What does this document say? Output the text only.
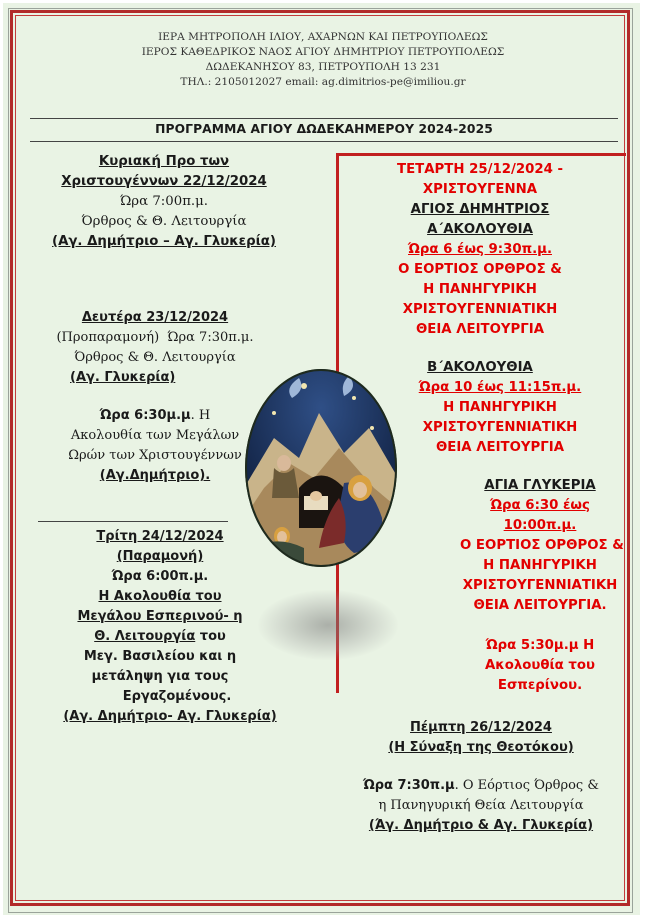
ΙΕΡΑ ΜΗΤΡΟΠΟΛΗ ΙΛΙΟΥ, ΑΧΑΡΝΩΝ ΚΑΙ ΠΕΤΡΟΥΠΟΛΕΩΣ
ΙΕΡΟΣ ΚΑΘΕΔΡΙΚΟΣ ΝΑΟΣ ΑΓΙΟΥ ΔΗΜΗΤΡΙΟΥ ΠΕΤΡΟΥΠΟΛΕΩΣ
ΔΩΔΕΚΑΝΗΣΟΥ 83, ΠΕΤΡΟΥΠΟΛΗ 13 231
ΤΗΛ.: 2105012027 email: ag.dimitrios-pe@imiliou.gr
ΠΡΟΓΡΑΜΜΑ ΑΓΙΟΥ ΔΩΔΕΚΑΗΜΕΡΟΥ 2024-2025
Κυριακή Προ των
Χριστουγέννων 22/12/2024
Ώρα 7:00π.μ.
Όρθρος & Θ. Λειτουργία
(Αγ. Δημήτριο – Αγ. Γλυκερία)
Δευτέρα 23/12/2024
(Προπαραμονή) Ώρα 7:30π.μ.
Όρθρος & Θ. Λειτουργία
(Αγ. Γλυκερία)
Ώρα 6:30μ.μ. Η
Ακολουθία των Μεγάλων
Ωρών των Χριστουγέννων
(Αγ.Δημήτριο).
Τρίτη 24/12/2024
(Παραμονή)
Ώρα 6:00π.μ.
Η Ακολουθία του
Μεγάλου Εσπερινού- η
Θ. Λειτουργία του
Μεγ. Βασιλείου και η
μετάληψη για τους
Εργαζομένους.
(Αγ. Δημήτριο- Αγ. Γλυκερία)
ΤΕΤΑΡΤΗ 25/12/2024 -
ΧΡΙΣΤΟΥΓΕΝΝΑ
ΑΓΙΟΣ ΔΗΜΗΤΡΙΟΣ
Α΄ΑΚΟΛΟΥΘΙΑ
Ώρα 6 έως 9:30π.μ.
Ο ΕΟΡΤΙΟΣ ΟΡΘΡΟΣ &
Η ΠΑΝΗΓΥΡΙΚΗ
ΧΡΙΣΤΟΥΓΕΝΝΙΑΤΙΚΗ
ΘΕΙΑ ΛΕΙΤΟΥΡΓΙΑ
Β΄ΑΚΟΛΟΥΘΙΑ
Ώρα 10 έως 11:15π.μ.
Η ΠΑΝΗΓΥΡΙΚΗ
ΧΡΙΣΤΟΥΓΕΝΝΙΑΤΙΚΗ
ΘΕΙΑ ΛΕΙΤΟΥΡΓΙΑ
ΑΓΙΑ ΓΛΥΚΕΡΙΑ
Ώρα 6:30 έως
10:00π.μ.
Ο ΕΟΡΤΙΟΣ ΟΡΘΡΟΣ &
Η ΠΑΝΗΓΥΡΙΚΗ
ΧΡΙΣΤΟΥΓΕΝΝΙΑΤΙΚΗ
ΘΕΙΑ ΛΕΙΤΟΥΡΓΙΑ.
Ώρα 5:30μ.μ Η
Ακολουθία του
Εσπερίνου.
Πέμπτη 26/12/2024
(Η Σύναξη της Θεοτόκου)
Ώρα 7:30π.μ. Ο Εόρτιος Όρθρος &
η Πανηγυρική Θεία Λειτουργία
(Άγ. Δημήτριο & Αγ. Γλυκερία)
